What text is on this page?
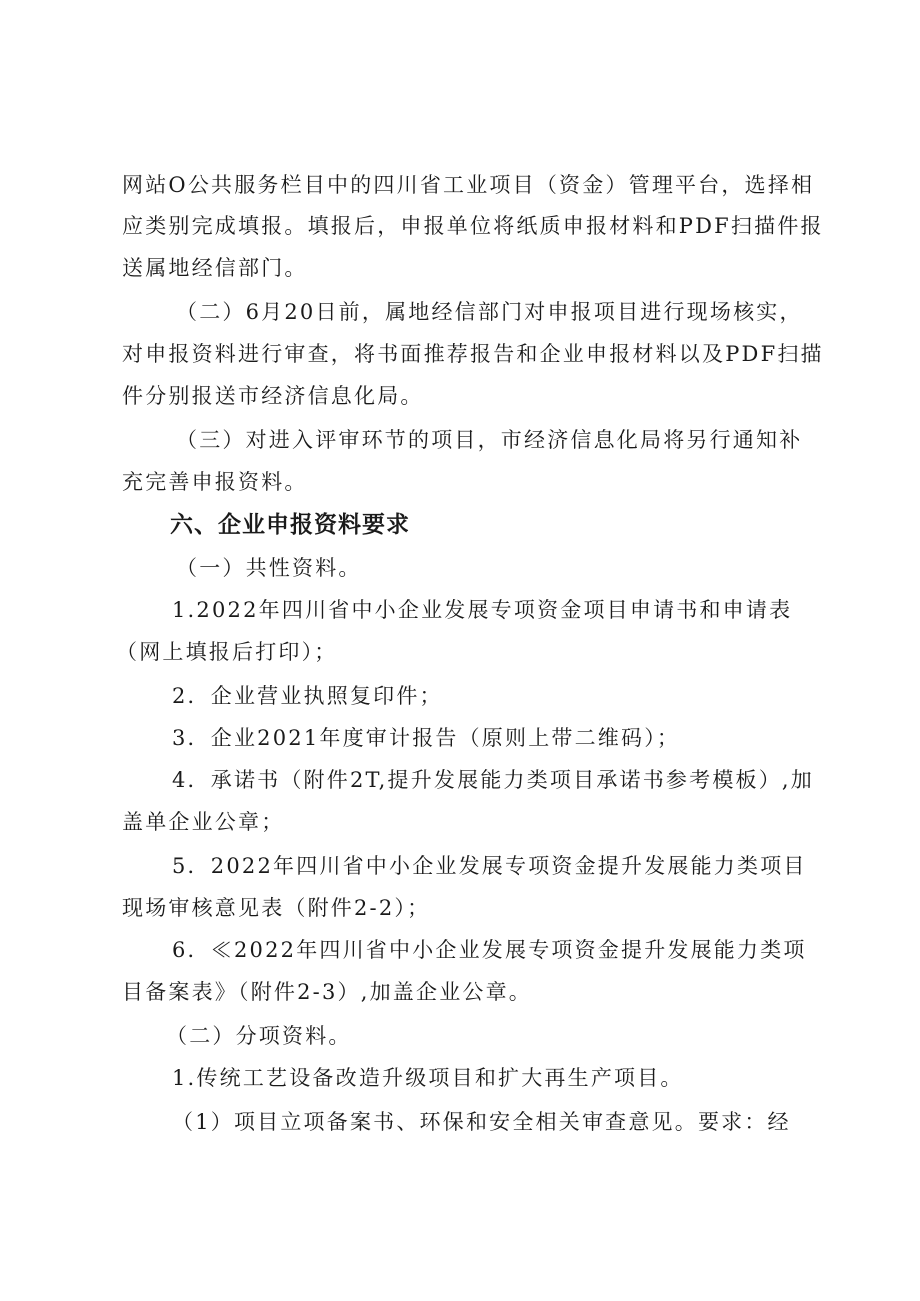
网站O公共服务栏目中的四川省工业项目（资金）管理平台，选择相
应类别完成填报。填报后，申报单位将纸质申报材料和PDF扫描件报
送属地经信部门。
（二）6月20日前，属地经信部门对申报项目进行现场核实，
对申报资料进行审查，将书面推荐报告和企业申报材料以及PDF扫描
件分别报送市经济信息化局。
（三）对进入评审环节的项目，市经济信息化局将另行通知补
充完善申报资料。
六、企业申报资料要求
（一）共性资料。
1.2022年四川省中小企业发展专项资金项目申请书和申请表
（网上填报后打印）；
2．企业营业执照复印件；
3．企业2021年度审计报告（原则上带二维码）；
4．承诺书（附件2T,提升发展能力类项目承诺书参考模板）,加
盖单企业公章；
5．2022年四川省中小企业发展专项资金提升发展能力类项目
现场审核意见表（附件2-2）；
6．≪2022年四川省中小企业发展专项资金提升发展能力类项
目备案表》（附件2-3）,加盖企业公章。
（二）分项资料。
1.传统工艺设备改造升级项目和扩大再生产项目。
（1）项目立项备案书、环保和安全相关审查意见。要求：经
